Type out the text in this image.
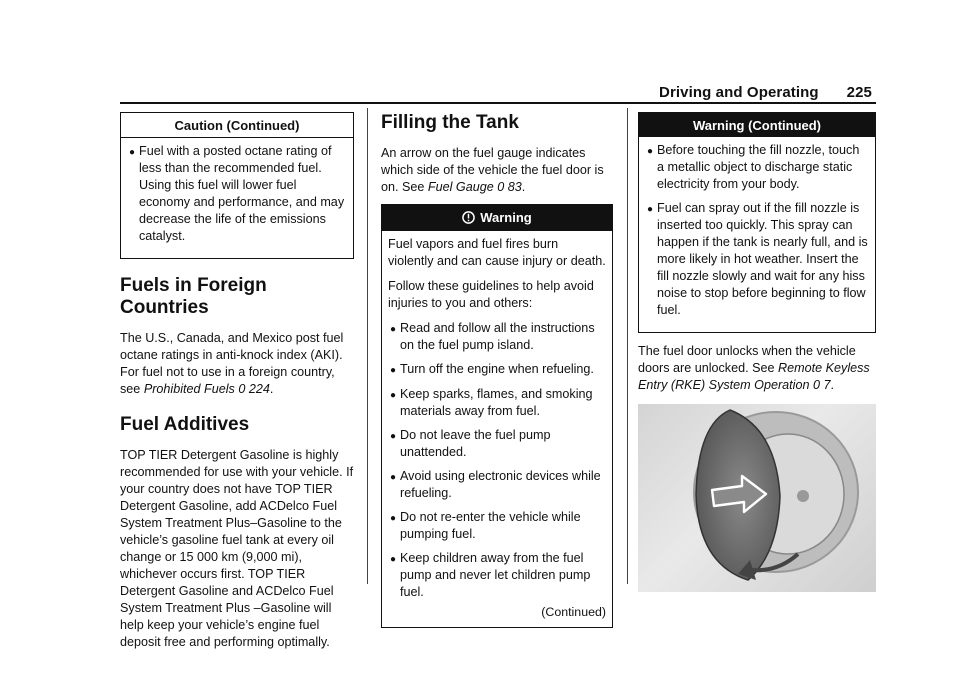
Driving and Operating 225
Caution (Continued)
● Fuel with a posted octane rating of less than the recommended fuel. Using this fuel will lower fuel economy and performance, and may decrease the life of the emissions catalyst.
Fuels in Foreign Countries

The U.S., Canada, and Mexico post fuel octane ratings in anti-knock index (AKI). For fuel not to use in a foreign country, see Prohibited Fuels 0 224.

Fuel Additives

TOP TIER Detergent Gasoline is highly recommended for use with your vehicle. If your country does not have TOP TIER Detergent Gasoline, add ACDelco Fuel System Treatment Plus–Gasoline to the vehicle’s gasoline fuel tank at every oil change or 15 000 km (9,000 mi), whichever occurs first. TOP TIER Detergent Gasoline and ACDelco Fuel System Treatment Plus –Gasoline will help keep your vehicle’s engine fuel deposit free and performing optimally.

Filling the Tank

An arrow on the fuel gauge indicates which side of the vehicle the fuel door is on. See Fuel Gauge 0 83.

Warning

Fuel vapors and fuel fires burn violently and can cause injury or death.

Follow these guidelines to help avoid injuries to you and others:

● Read and follow all the instructions on the fuel pump island.
● Turn off the engine when refueling.
● Keep sparks, flames, and smoking materials away from fuel.
● Do not leave the fuel pump unattended.
● Avoid using electronic devices while refueling.
● Do not re-enter the vehicle while pumping fuel.
● Keep children away from the fuel pump and never let children pump fuel.
(Continued)
Warning (Continued)
● Before touching the fill nozzle, touch a metallic object to discharge static electricity from your body.
● Fuel can spray out if the fill nozzle is inserted too quickly. This spray can happen if the tank is nearly full, and is more likely in hot weather. Insert the fill nozzle slowly and wait for any hiss noise to stop before beginning to flow fuel.

The fuel door unlocks when the vehicle doors are unlocked. See Remote Keyless Entry (RKE) System Operation 0 7.
